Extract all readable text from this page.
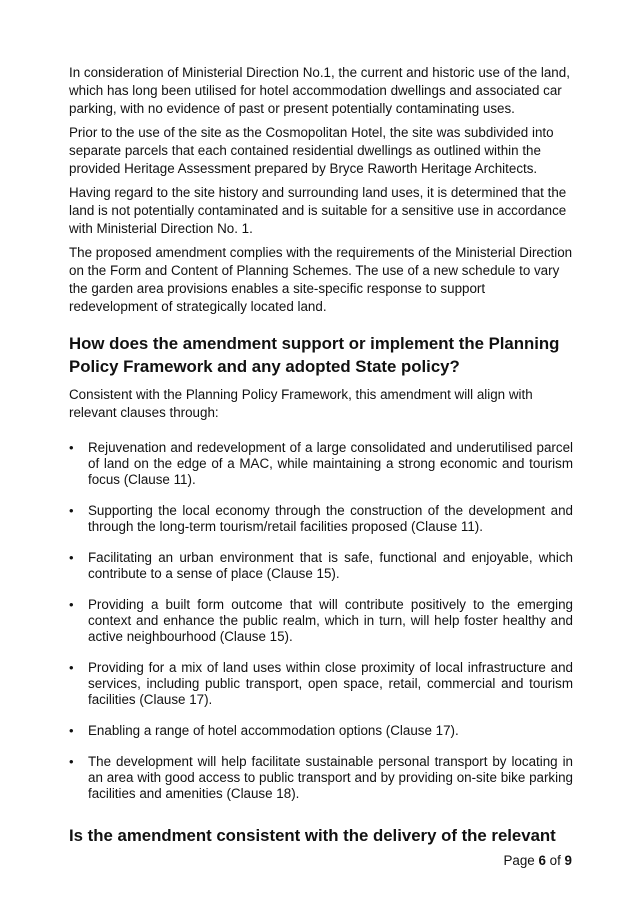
In consideration of Ministerial Direction No.1, the current and historic use of the land, which has long been utilised for hotel accommodation dwellings and associated car parking, with no evidence of past or present potentially contaminating uses.

Prior to the use of the site as the Cosmopolitan Hotel, the site was subdivided into separate parcels that each contained residential dwellings as outlined within the provided Heritage Assessment prepared by Bryce Raworth Heritage Architects.

Having regard to the site history and surrounding land uses, it is determined that the land is not potentially contaminated and is suitable for a sensitive use in accordance with Ministerial Direction No. 1.

The proposed amendment complies with the requirements of the Ministerial Direction on the Form and Content of Planning Schemes. The use of a new schedule to vary the garden area provisions enables a site-specific response to support redevelopment of strategically located land.

How does the amendment support or implement the Planning Policy Framework and any adopted State policy?

Consistent with the Planning Policy Framework, this amendment will align with relevant clauses through:

• Rejuvenation and redevelopment of a large consolidated and underutilised parcel of land on the edge of a MAC, while maintaining a strong economic and tourism focus (Clause 11).
• Supporting the local economy through the construction of the development and through the long-term tourism/retail facilities proposed (Clause 11).
• Facilitating an urban environment that is safe, functional and enjoyable, which contribute to a sense of place (Clause 15).
• Providing a built form outcome that will contribute positively to the emerging context and enhance the public realm, which in turn, will help foster healthy and active neighbourhood (Clause 15).
• Providing for a mix of land uses within close proximity of local infrastructure and services, including public transport, open space, retail, commercial and tourism facilities (Clause 17).
• Enabling a range of hotel accommodation options (Clause 17).
• The development will help facilitate sustainable personal transport by locating in an area with good access to public transport and by providing on-site bike parking facilities and amenities (Clause 18).
Is the amendment consistent with the delivery of the relevant
Page 6 of 9
